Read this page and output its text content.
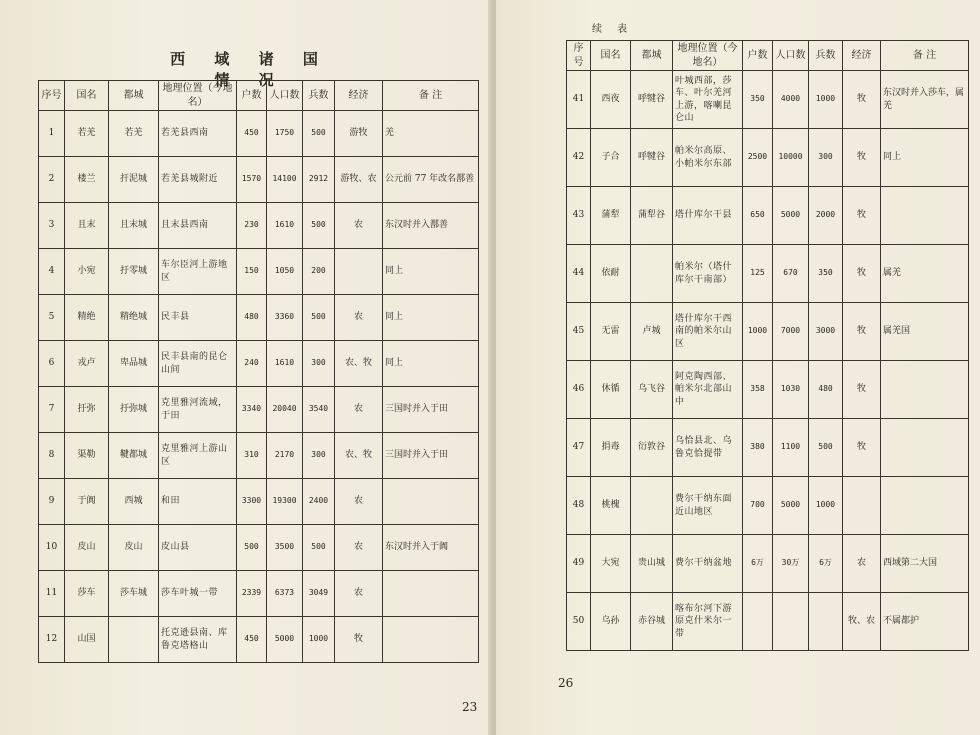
西 域 诸 国 情 况
序号	国名	都城	地理位置（今地名）	户数	人口数	兵数	经济	备 注
1	若羌	若羌	若羌县西南	450	1750	500	游牧	羌
2	楼兰	扞泥城	若羌县城附近	1570	14100	2912	游牧、农	公元前 77 年改名鄯善
3	且末	且末城	且末县西南	230	1610	500	农	东汉时并入鄯善
4	小宛	扜零城	车尔臣河上游地区	150	1050	200		同上
5	精绝	精绝城	民丰县	480	3360	500	农	同上
6	戎卢	卑品城	民丰县南的昆仑山间	240	1610	300	农、牧	同上
7	扜弥	扜弥城	克里雅河流域，于田	3340	20040	3540	农	三国时并入于田
8	渠勒	鞬都城	克里雅河上游山区	310	2170	300	农、牧	三国时并入于田
9	于阗	西城	和田	3300	19300	2400	农	
10	皮山	皮山	皮山县	500	3500	500	农	东汉时并入于阗
11	莎车	莎车城	莎车叶城一带	2339	6373	3049	农	
12	山国		托克逊县南、库鲁克塔格山	450	5000	1000	牧	
23
续 表
序号	国名	都城	地理位置（今地名）	户数	人口数	兵数	经济	备 注
41	西夜	呼犍谷	叶城西部，莎车、叶尔羌河上游，喀喇昆仑山	350	4000	1000	牧	东汉时并入莎车，属羌
42	子合	呼犍谷	帕米尔高原、小帕米尔东部	2500	10000	300	牧	同上
43	蒲犁	蒲犁谷	塔什库尔干县	650	5000	2000	牧	
44	依耐		帕米尔（塔什库尔干南部）	125	670	350	牧	属羌
45	无雷	卢城	塔什库尔干西南的帕米尔山区	1000	7000	3000	牧	属羌国
46	休循	乌飞谷	阿克陶西部、帕米尔北部山中	358	1030	480	牧	
47	捐毒	衍敦谷	乌恰县北、乌鲁克恰提带	380	1100	500	牧	
48	桃槐		费尔干纳东面近山地区	700	5000	1000		
49	大宛	贵山城	费尔干纳盆地	6万	30万	6万	农	西域第二大国
50	乌孙	赤谷城	喀布尔河下游原克什米尔一带				牧、农	不属都护
26
